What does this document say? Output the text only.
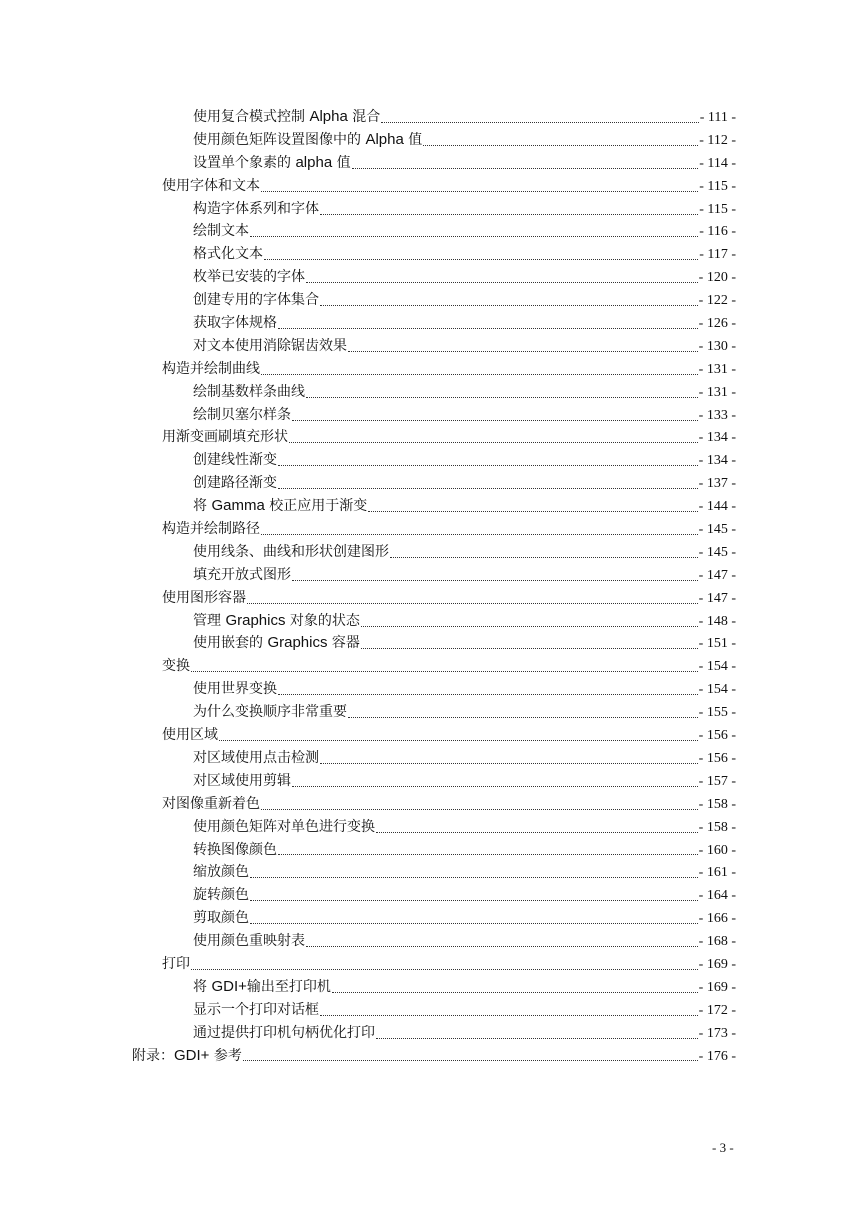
使用复合模式控制 Alpha 混合	- 111 -
使用颜色矩阵设置图像中的 Alpha 值	- 112 -
设置单个象素的 alpha 值	- 114 -
使用字体和文本	- 115 -
构造字体系列和字体	- 115 -
绘制文本	- 116 -
格式化文本	- 117 -
枚举已安装的字体	- 120 -
创建专用的字体集合	- 122 -
获取字体规格	- 126 -
对文本使用消除锯齿效果	- 130 -
构造并绘制曲线	- 131 -
绘制基数样条曲线	- 131 -
绘制贝塞尔样条	- 133 -
用渐变画刷填充形状	- 134 -
创建线性渐变	- 134 -
创建路径渐变	- 137 -
将 Gamma 校正应用于渐变	- 144 -
构造并绘制路径	- 145 -
使用线条、曲线和形状创建图形	- 145 -
填充开放式图形	- 147 -
使用图形容器	- 147 -
管理 Graphics 对象的状态	- 148 -
使用嵌套的 Graphics 容器	- 151 -
变换	- 154 -
使用世界变换	- 154 -
为什么变换顺序非常重要	- 155 -
使用区域	- 156 -
对区域使用点击检测	- 156 -
对区域使用剪辑	- 157 -
对图像重新着色	- 158 -
使用颜色矩阵对单色进行变换	- 158 -
转换图像颜色	- 160 -
缩放颜色	- 161 -
旋转颜色	- 164 -
剪取颜色	- 166 -
使用颜色重映射表	- 168 -
打印	- 169 -
将 GDI+输出至打印机	- 169 -
显示一个打印对话框	- 172 -
通过提供打印机句柄优化打印	- 173 -
附录：GDI+ 参考	- 176 -
- 3 -
